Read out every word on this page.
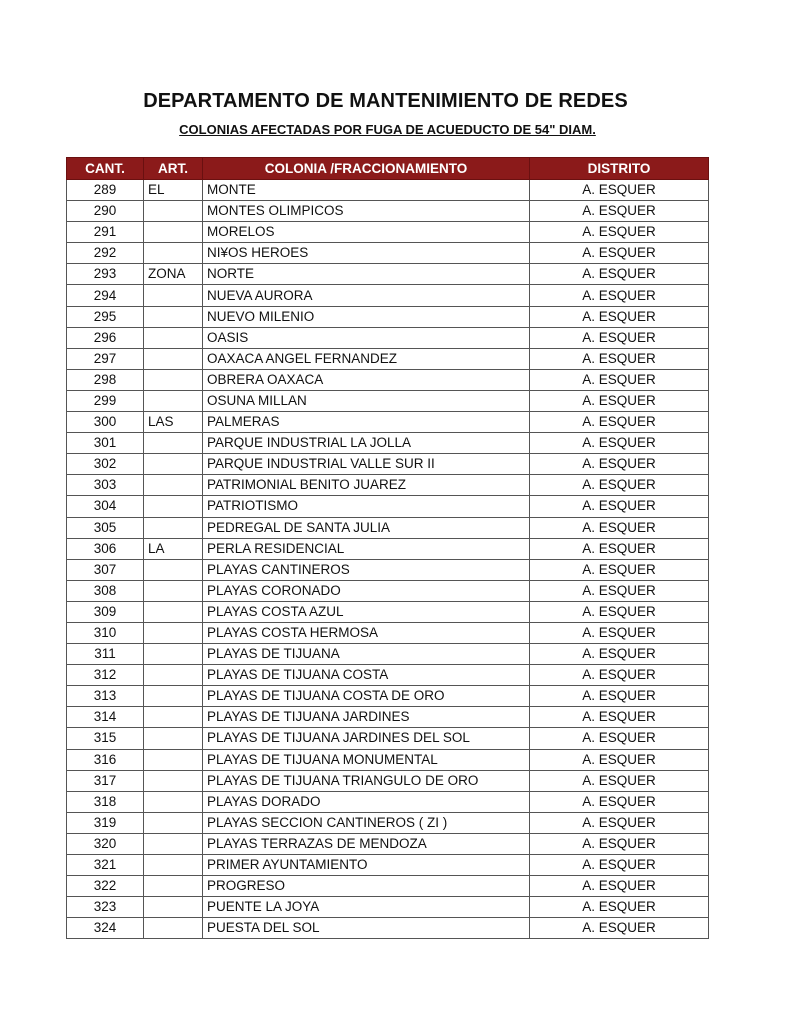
DEPARTAMENTO DE MANTENIMIENTO DE REDES
COLONIAS AFECTADAS POR FUGA DE ACUEDUCTO DE 54" DIAM.
CANT.	ART.	COLONIA /FRACCIONAMIENTO	DISTRITO
289	EL	MONTE	A. ESQUER
290		MONTES OLIMPICOS	A. ESQUER
291		MORELOS	A. ESQUER
292		NI¥OS HEROES	A. ESQUER
293	ZONA	NORTE	A. ESQUER
294		NUEVA AURORA	A. ESQUER
295		NUEVO MILENIO	A. ESQUER
296		OASIS	A. ESQUER
297		OAXACA ANGEL FERNANDEZ	A. ESQUER
298		OBRERA OAXACA	A. ESQUER
299		OSUNA MILLAN	A. ESQUER
300	LAS	PALMERAS	A. ESQUER
301		PARQUE INDUSTRIAL LA JOLLA	A. ESQUER
302		PARQUE INDUSTRIAL VALLE SUR II	A. ESQUER
303		PATRIMONIAL BENITO JUAREZ	A. ESQUER
304		PATRIOTISMO	A. ESQUER
305		PEDREGAL DE SANTA JULIA	A. ESQUER
306	LA	PERLA RESIDENCIAL	A. ESQUER
307		PLAYAS CANTINEROS	A. ESQUER
308		PLAYAS CORONADO	A. ESQUER
309		PLAYAS COSTA AZUL	A. ESQUER
310		PLAYAS COSTA HERMOSA	A. ESQUER
311		PLAYAS DE TIJUANA	A. ESQUER
312		PLAYAS DE TIJUANA COSTA	A. ESQUER
313		PLAYAS DE TIJUANA COSTA DE ORO	A. ESQUER
314		PLAYAS DE TIJUANA JARDINES	A. ESQUER
315		PLAYAS DE TIJUANA JARDINES DEL SOL	A. ESQUER
316		PLAYAS DE TIJUANA MONUMENTAL	A. ESQUER
317		PLAYAS DE TIJUANA TRIANGULO DE ORO	A. ESQUER
318		PLAYAS DORADO	A. ESQUER
319		PLAYAS SECCION CANTINEROS ( ZI )	A. ESQUER
320		PLAYAS TERRAZAS DE MENDOZA	A. ESQUER
321		PRIMER AYUNTAMIENTO	A. ESQUER
322		PROGRESO	A. ESQUER
323		PUENTE LA JOYA	A. ESQUER
324		PUESTA DEL SOL	A. ESQUER
